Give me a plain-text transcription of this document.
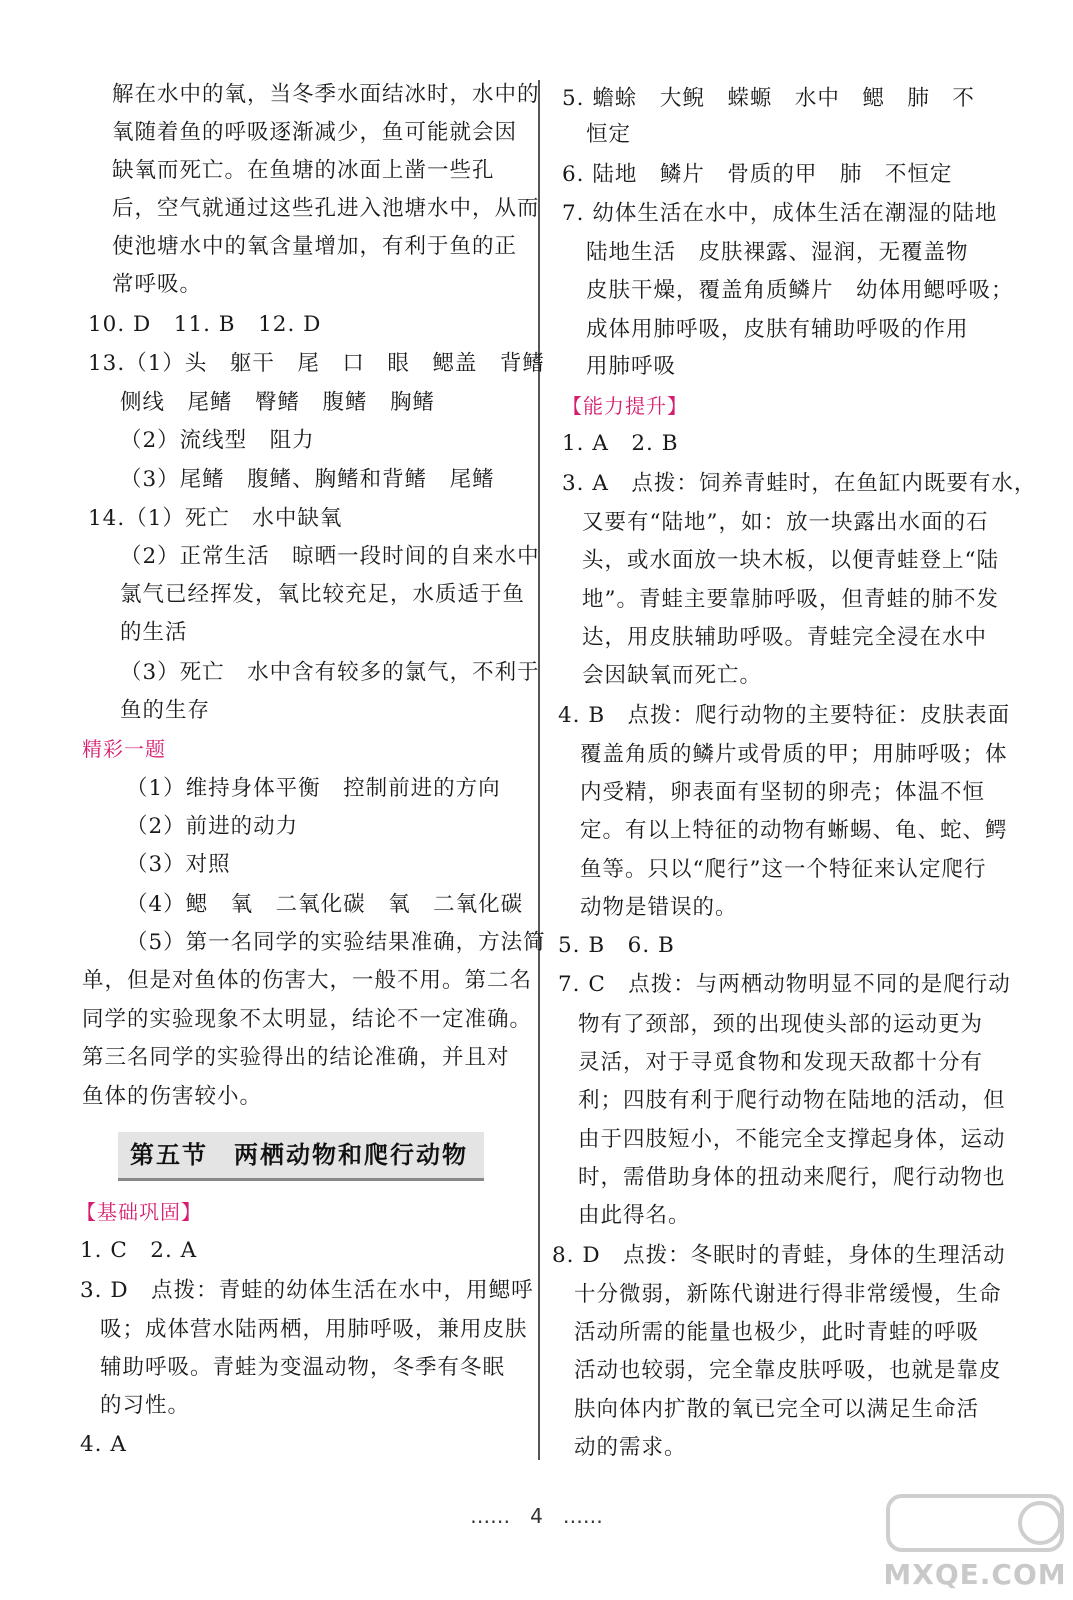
解在水中的氧，当冬季水面结冰时，水中的
氧随着鱼的呼吸逐渐减少，鱼可能就会因
缺氧而死亡。在鱼塘的冰面上凿一些孔
后，空气就通过这些孔进入池塘水中，从而
使池塘水中的氧含量增加，有利于鱼的正
常呼吸。
10. D　11. B　12. D
13.（1）头　躯干　尾　口　眼　鳃盖　背鳍
侧线　尾鳍　臀鳍　腹鳍　胸鳍
（2）流线型　阻力
（3）尾鳍　腹鳍、胸鳍和背鳍　尾鳍
14.（1）死亡　水中缺氧
（2）正常生活　晾晒一段时间的自来水中
氯气已经挥发，氧比较充足，水质适于鱼
的生活
（3）死亡　水中含有较多的氯气，不利于
鱼的生存
精彩一题
（1）维持身体平衡　控制前进的方向
（2）前进的动力
（3）对照
（4）鳃　氧　二氧化碳　氧　二氧化碳
（5）第一名同学的实验结果准确，方法简
单，但是对鱼体的伤害大，一般不用。第二名
同学的实验现象不太明显，结论不一定准确。
第三名同学的实验得出的结论准确，并且对
鱼体的伤害较小。
第五节　两栖动物和爬行动物
【基础巩固】
1. C　2. A
3. D　点拨：青蛙的幼体生活在水中，用鳃呼
吸；成体营水陆两栖，用肺呼吸，兼用皮肤
辅助呼吸。青蛙为变温动物，冬季有冬眠
的习性。
4. A
5. 蟾蜍　大鲵　蝾螈　水中　鳃　肺　不
恒定
6. 陆地　鳞片　骨质的甲　肺　不恒定
7. 幼体生活在水中，成体生活在潮湿的陆地
陆地生活　皮肤裸露、湿润，无覆盖物
皮肤干燥，覆盖角质鳞片　幼体用鳃呼吸；
成体用肺呼吸，皮肤有辅助呼吸的作用
用肺呼吸
【能力提升】
1. A　2. B
3. A　点拨：饲养青蛙时，在鱼缸内既要有水，
又要有“陆地”，如：放一块露出水面的石
头，或水面放一块木板，以便青蛙登上“陆
地”。青蛙主要靠肺呼吸，但青蛙的肺不发
达，用皮肤辅助呼吸。青蛙完全浸在水中
会因缺氧而死亡。
4. B　点拨：爬行动物的主要特征：皮肤表面
覆盖角质的鳞片或骨质的甲；用肺呼吸；体
内受精，卵表面有坚韧的卵壳；体温不恒
定。有以上特征的动物有蜥蜴、龟、蛇、鳄
鱼等。只以“爬行”这一个特征来认定爬行
动物是错误的。
5. B　6. B
7. C　点拨：与两栖动物明显不同的是爬行动
物有了颈部，颈的出现使头部的运动更为
灵活，对于寻觅食物和发现天敌都十分有
利；四肢有利于爬行动物在陆地的活动，但
由于四肢短小，不能完全支撑起身体，运动
时，需借助身体的扭动来爬行，爬行动物也
由此得名。
8. D　点拨：冬眠时的青蛙，身体的生理活动
十分微弱，新陈代谢进行得非常缓慢，生命
活动所需的能量也极少，此时青蛙的呼吸
活动也较弱，完全靠皮肤呼吸，也就是靠皮
肤向体内扩散的氧已完全可以满足生命活
动的需求。
……　4　……
MXQE.COM
